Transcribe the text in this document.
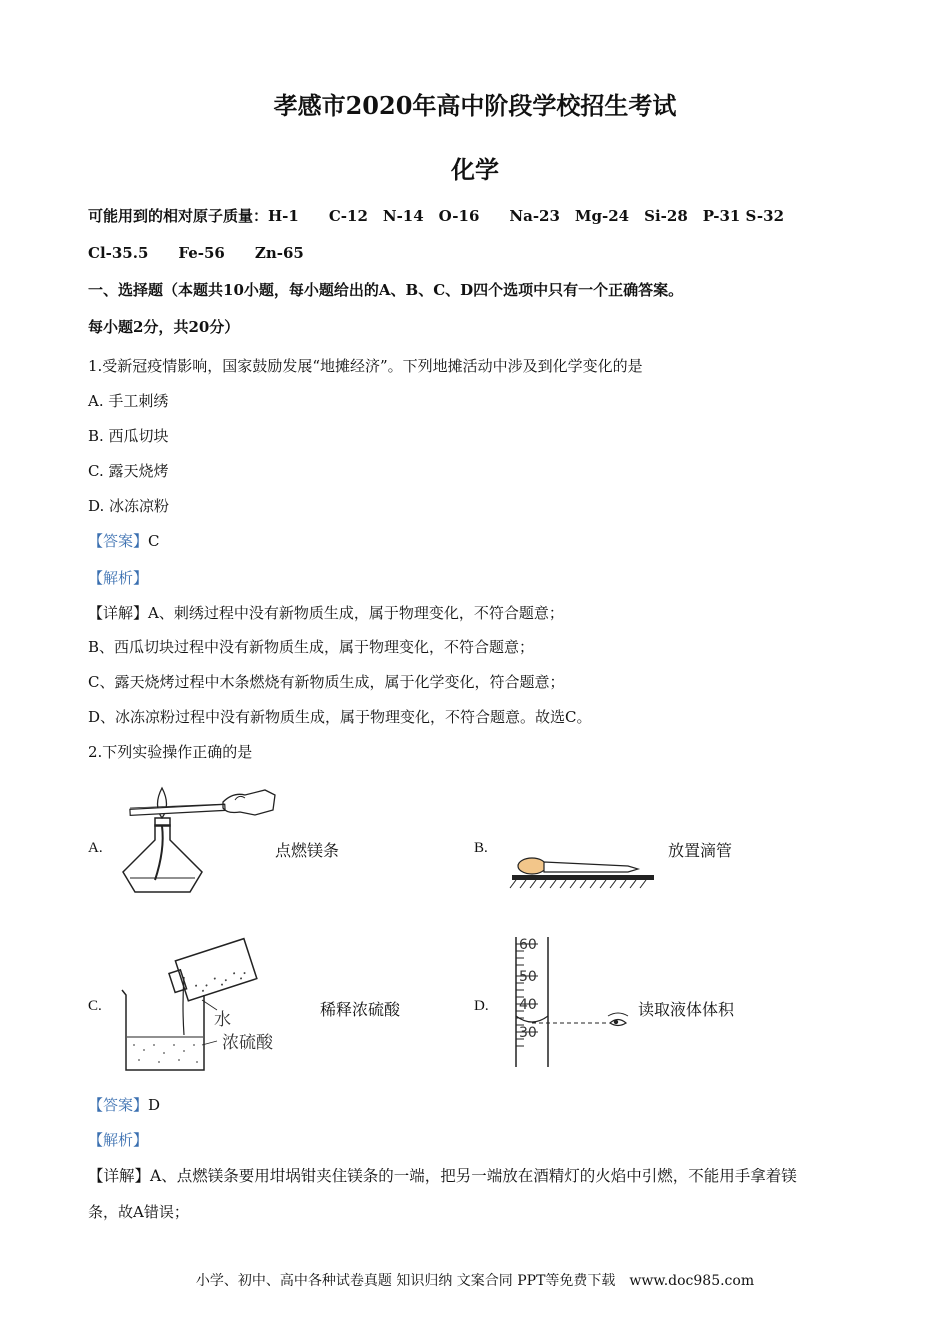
孝感市2020年高中阶段学校招生考试
化学
可能用到的相对原子质量：H-1　　C-12　N-14　O-16　　Na-23　Mg-24　Si-28　P-31 S-32
Cl-35.5　　Fe-56　　Zn-65
一、选择题（本题共10小题，每小题给出的A、B、C、D四个选项中只有一个正确答案。
每小题2分，共20分）
1.受新冠疫情影响，国家鼓励发展“地摊经济”。下列地摊活动中涉及到化学变化的是
A. 手工刺绣
B. 西瓜切块
C. 露天烧烤
D. 冰冻凉粉
【答案】C
【解析】
【详解】A、刺绣过程中没有新物质生成，属于物理变化，不符合题意；
B、西瓜切块过程中没有新物质生成，属于物理变化，不符合题意；
C、露天烧烤过程中木条燃烧有新物质生成，属于化学变化，符合题意；
D、冰冻凉粉过程中没有新物质生成，属于物理变化，不符合题意。故选C。
2.下列实验操作正确的是
A.	点燃镁条	B.	放置滴管
C.
水
浓硫酸
稀释浓硫酸	D.
60
50
40
30
读取液体体积
【答案】D
【解析】
【详解】A、点燃镁条要用坩埚钳夹住镁条的一端，把另一端放在酒精灯的火焰中引燃，不能用手拿着镁
条，故A错误；
小学、初中、高中各种试卷真题 知识归纳 文案合同 PPT等免费下载　www.doc985.com
